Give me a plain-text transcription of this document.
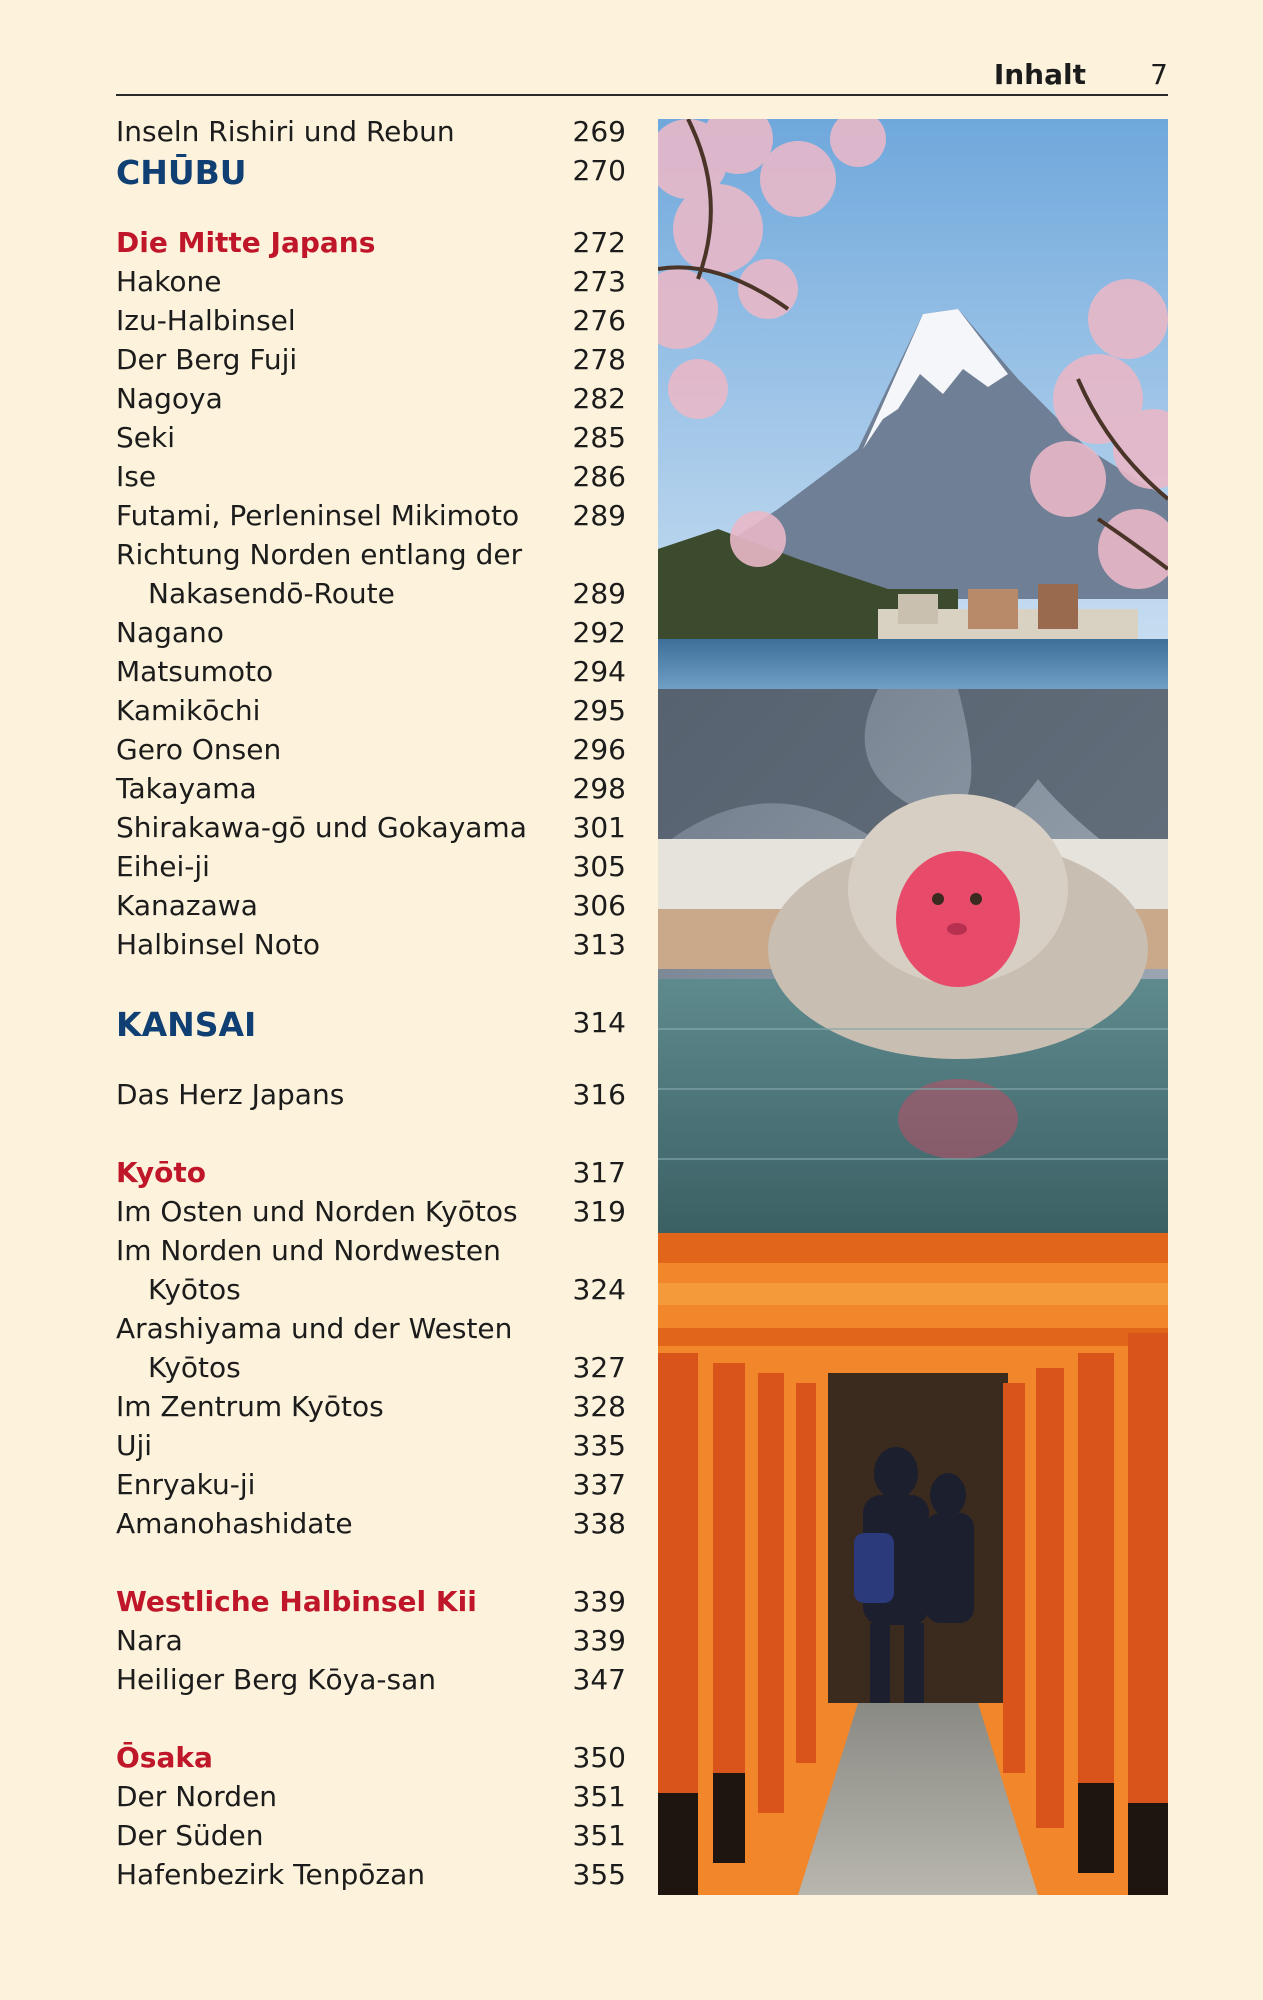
Inhalt 7
Inseln Rishiri und Rebun	269
CHŪBU	270
Die Mitte Japans	272
Hakone	273
Izu-Halbinsel	276
Der Berg Fuji	278
Nagoya	282
Seki	285
Ise	286
Futami, Perleninsel Mikimoto	289
Richtung Norden entlang der
Nakasendō-Route	289
Nagano	292
Matsumoto	294
Kamikōchi	295
Gero Onsen	296
Takayama	298
Shirakawa-gō und Gokayama	301
Eihei-ji	305
Kanazawa	306
Halbinsel Noto	313
KANSAI	314
Das Herz Japans	316
Kyōto	317
Im Osten und Norden Kyōtos	319
Im Norden und Nordwesten
Kyōtos	324
Arashiyama und der Westen
Kyōtos	327
Im Zentrum Kyōtos	328
Uji	335
Enryaku-ji	337
Amanohashidate	338
Westliche Halbinsel Kii	339
Nara	339
Heiliger Berg Kōya-san	347
Ōsaka	350
Der Norden	351
Der Süden	351
Hafenbezirk Tenpōzan	355
